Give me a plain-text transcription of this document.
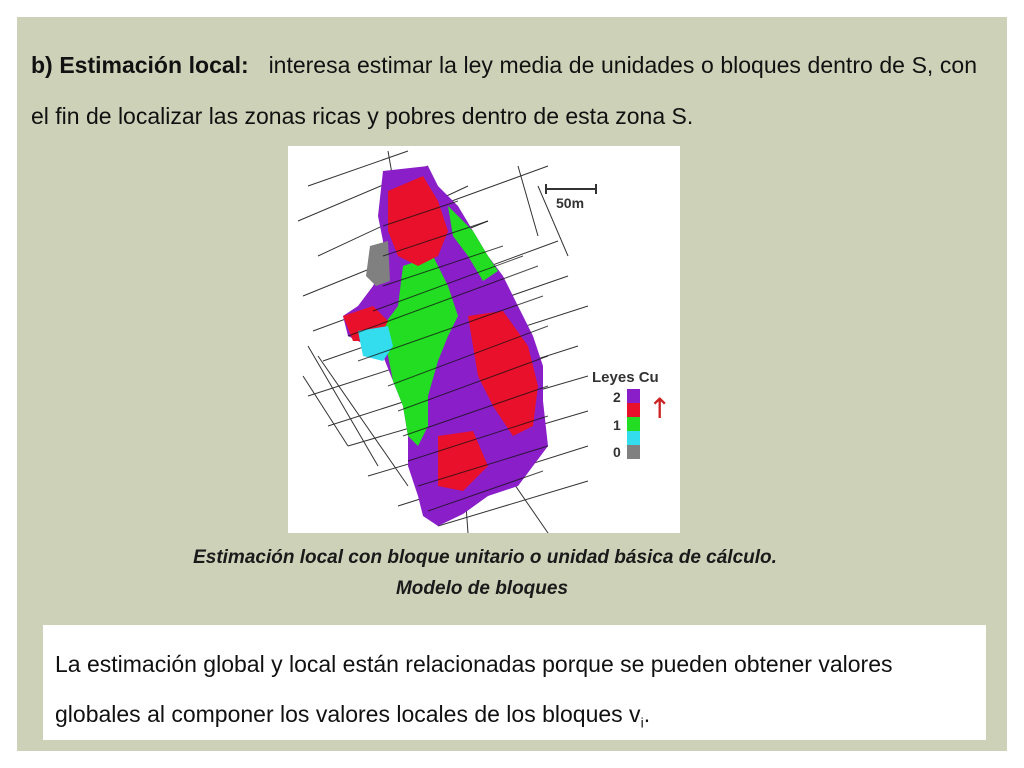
b) Estimación local: interesa estimar la ley media de unidades o bloques dentro de S, con el fin de localizar las zonas ricas y pobres dentro de esta zona S.
50m
Leyes Cu
2
1
0
↑
Estimación local con bloque unitario o unidad básica de cálculo.
Modelo de bloques
La estimación global y local están relacionadas porque se pueden obtener valores globales al componer los valores locales de los bloques $v_i$.
